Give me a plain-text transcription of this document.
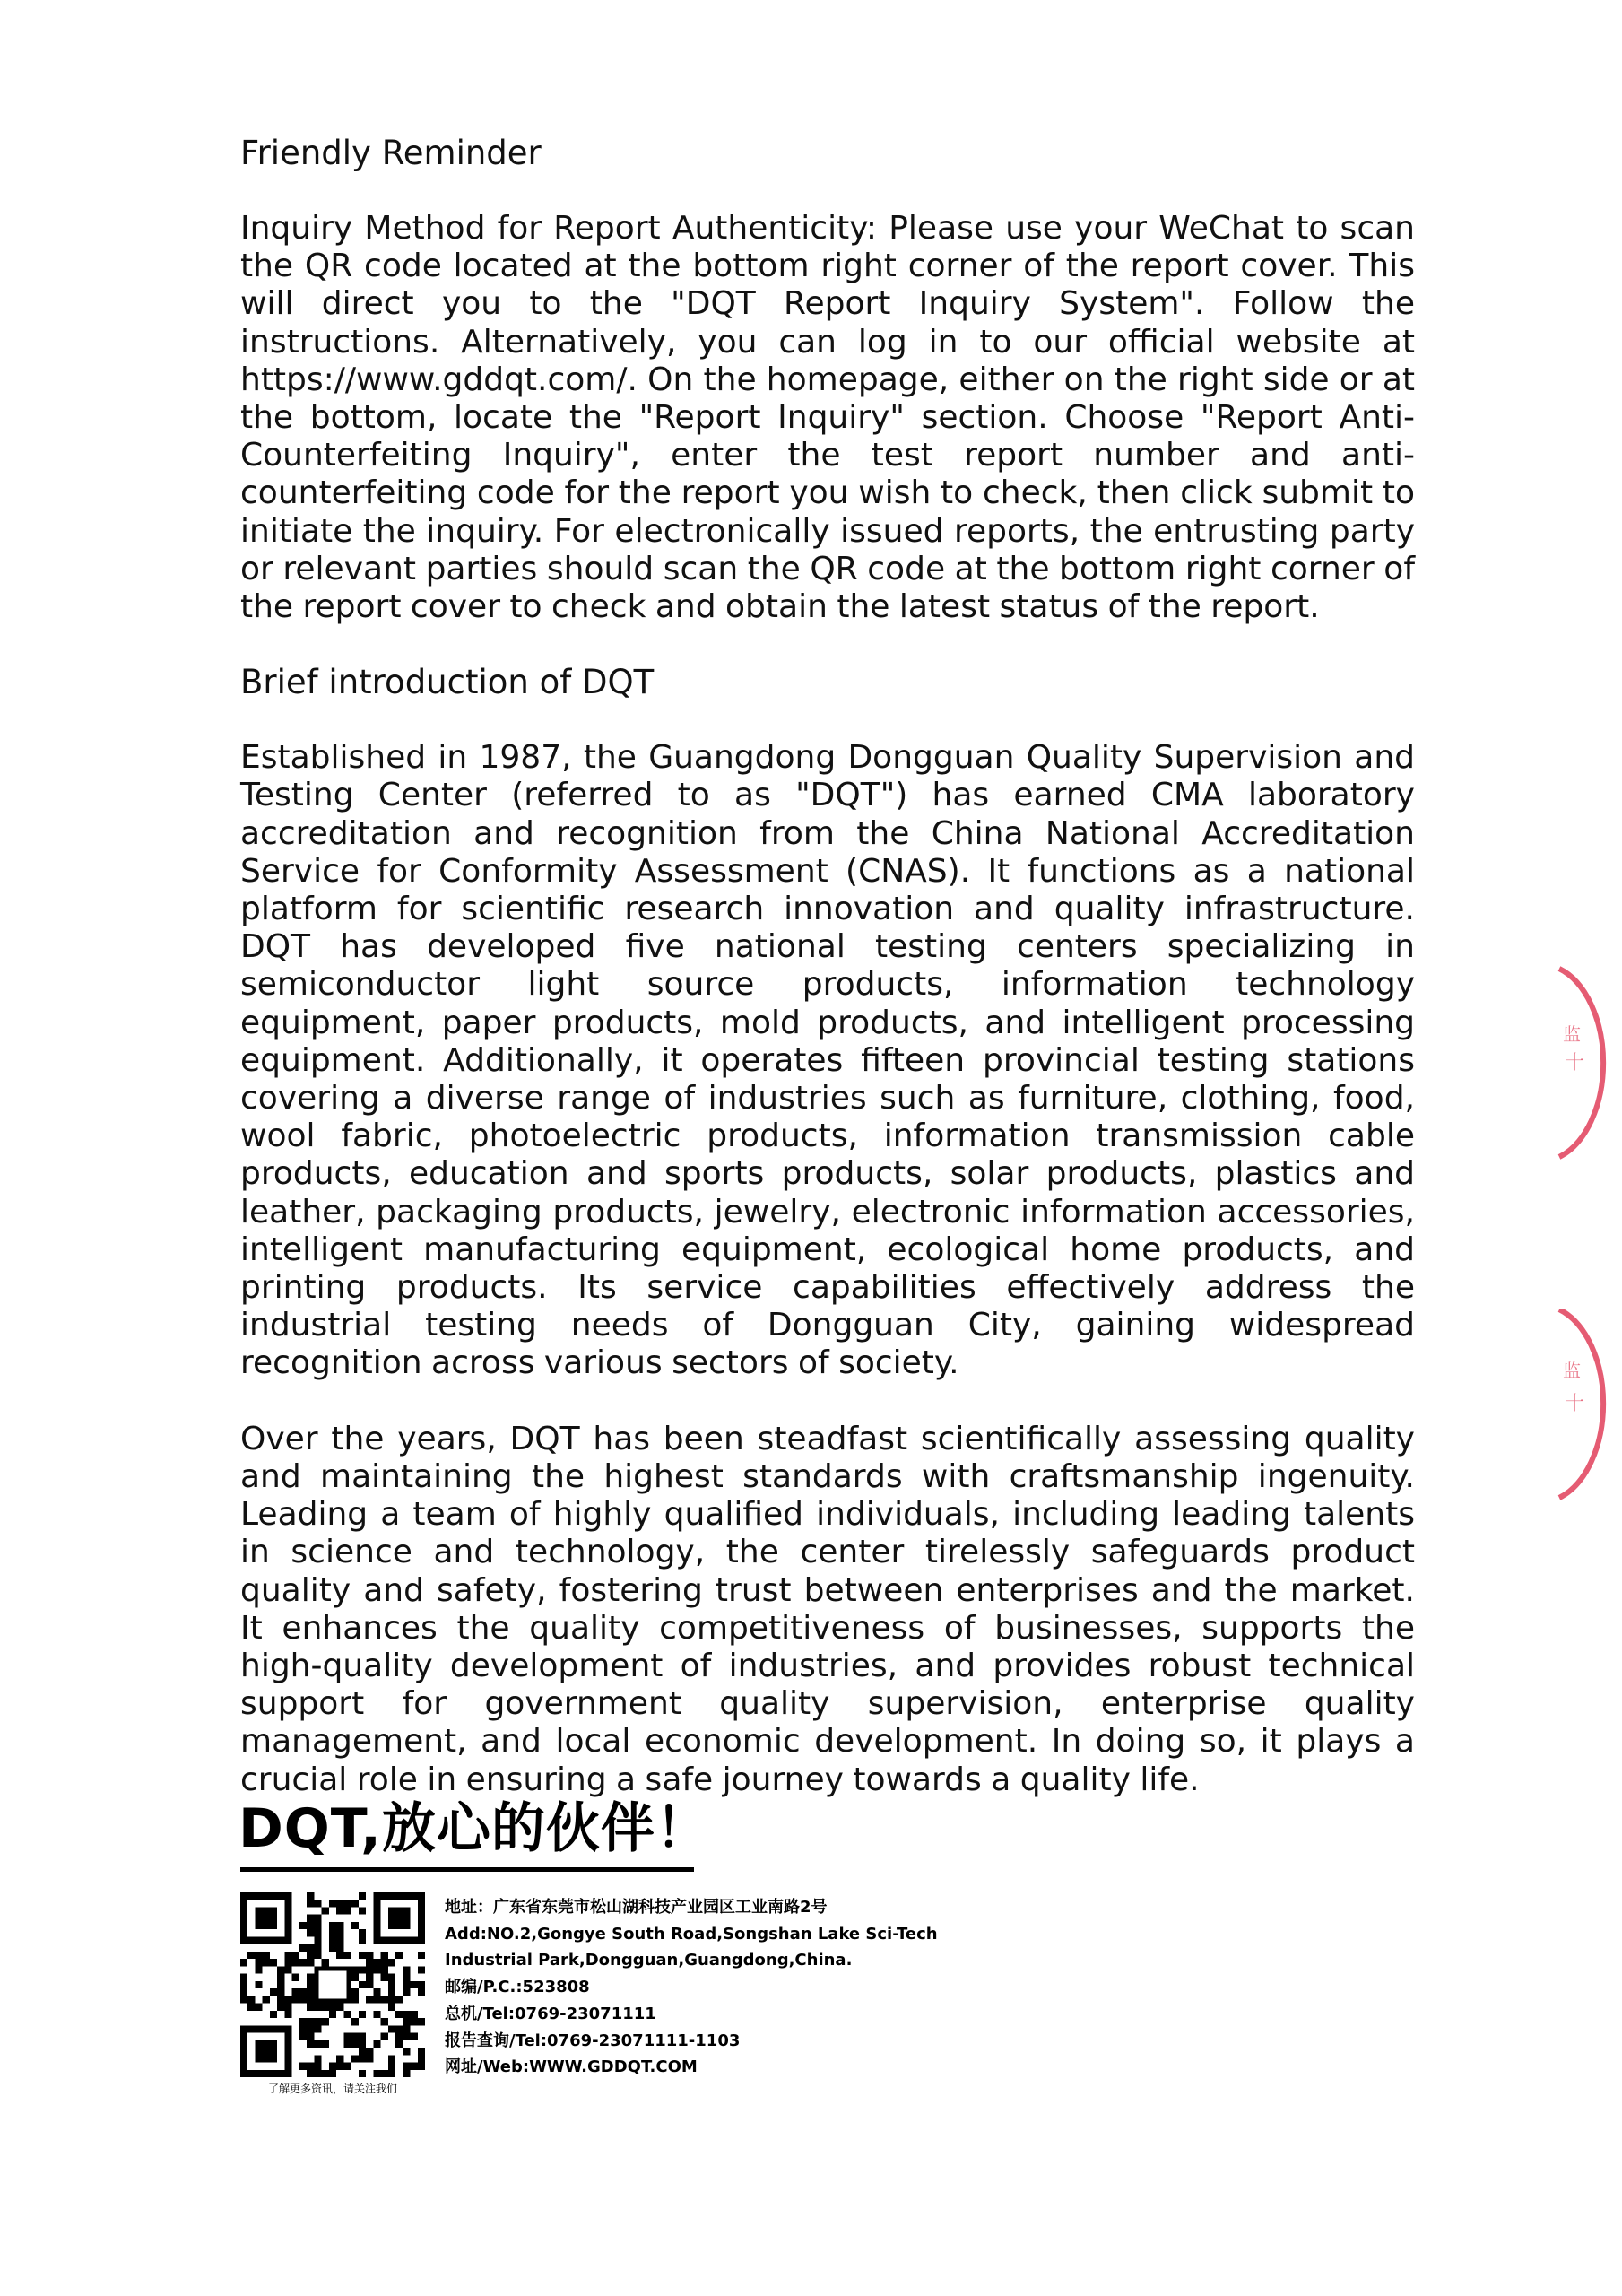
Friendly Reminder
Inquiry Method for Report Authenticity: Please use your WeChat to scan the QR code located at the bottom right corner of the report cover. This will direct you to the "DQT Report Inquiry System". Follow the instructions. Alternatively, you can log in to our official website at https://www.gddqt.com/. On the homepage, either on the right side or at the bottom, locate the "Report Inquiry" section. Choose "Report Anti-Counterfeiting Inquiry", enter the test report number and anti-counterfeiting code for the report you wish to check, then click submit to initiate the inquiry. For electronically issued reports, the entrusting party or relevant parties should scan the QR code at the bottom right corner of the report cover to check and obtain the latest status of the report.
Brief introduction of DQT
Established in 1987, the Guangdong Dongguan Quality Supervision and Testing Center (referred to as "DQT") has earned CMA laboratory accreditation and recognition from the China National Accreditation Service for Conformity Assessment (CNAS). It functions as a national platform for scientific research innovation and quality infrastructure. DQT has developed five national testing centers specializing in semiconductor light source products, information technology equipment, paper products, mold products, and intelligent processing equipment. Additionally, it operates fifteen provincial testing stations covering a diverse range of industries such as furniture, clothing, food, wool fabric, photoelectric products, information transmission cable products, education and sports products, solar products, plastics and leather, packaging products, jewelry, electronic information accessories, intelligent manufacturing equipment, ecological home products, and printing products. Its service capabilities effectively address the industrial testing needs of Dongguan City, gaining widespread recognition across various sectors of society.
Over the years, DQT has been steadfast scientifically assessing quality and maintaining the highest standards with craftsmanship ingenuity. Leading a team of highly qualified individuals, including leading talents in science and technology, the center tirelessly safeguards product quality and safety, fostering trust between enterprises and the market. It enhances the quality competitiveness of businesses, supports the high-quality development of industries, and provides robust technical support for government quality supervision, enterprise quality management, and local economic development. In doing so, it plays a crucial role in ensuring a safe journey towards a quality life.
DQT,放心的伙伴！
了解更多资讯，请关注我们
地址：广东省东莞市松山湖科技产业园区工业南路2号
Add:NO.2,Gongye South Road,Songshan Lake Sci-Tech
Industrial Park,Dongguan,Guangdong,China.
邮编/P.C.:523808
总机/Tel:0769-23071111
报告查询/Tel:0769-23071111-1103
网址/Web:WWW.GDDQT.COM
监
十
监
十
